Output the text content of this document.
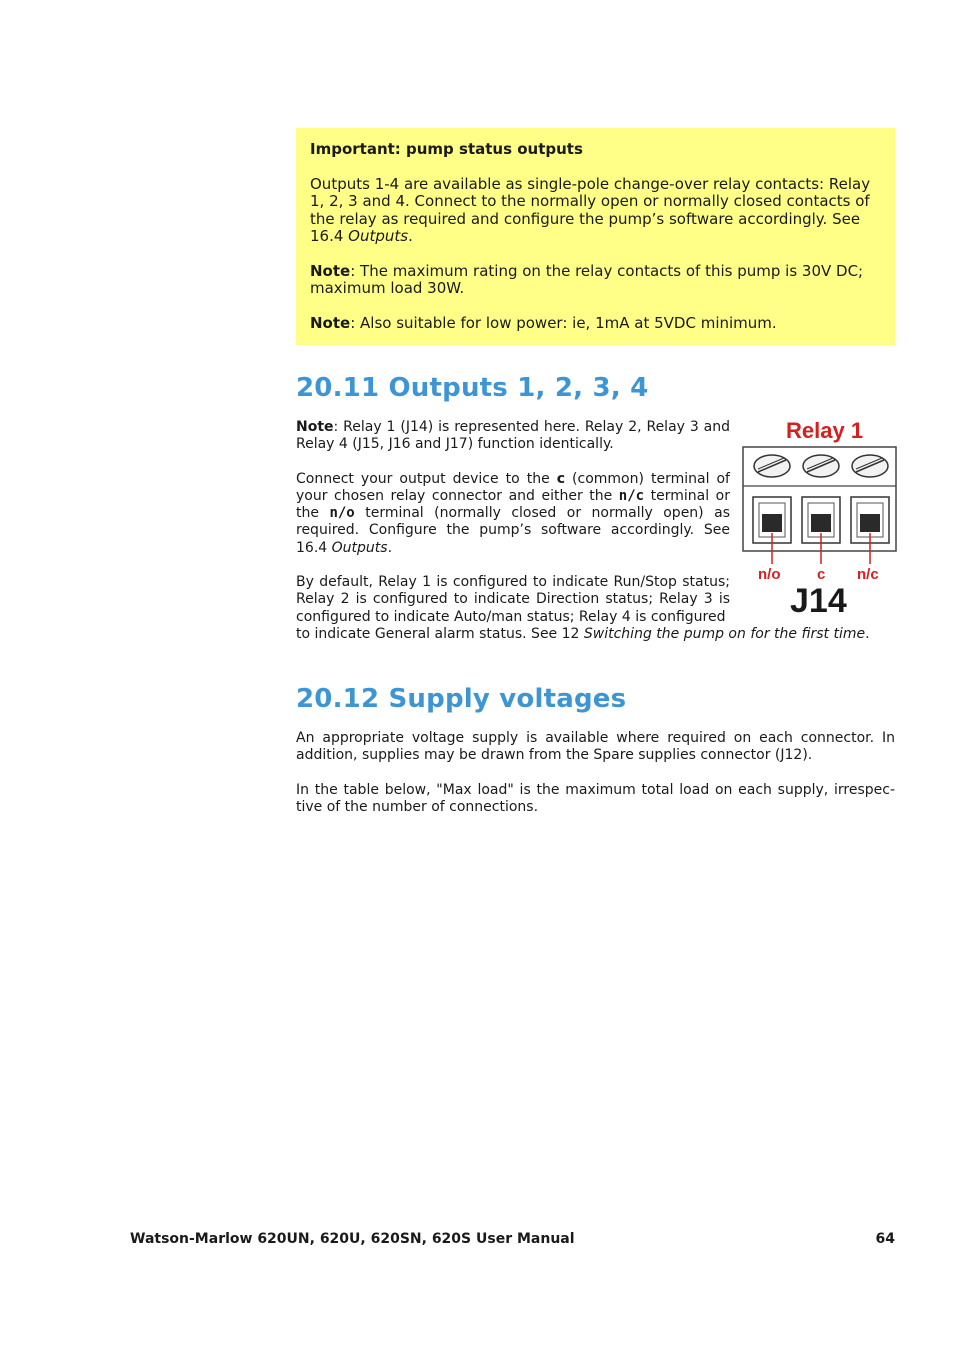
Important: pump status outputs

Outputs 1-4 are available as single-pole change-over relay contacts: Relay 1, 2, 3 and 4. Connect to the normally open or normally closed contacts of the relay as required and configure the pump’s software accordingly. See 16.4 Outputs.

Note: The maximum rating on the relay contacts of this pump is 30V DC; maximum load 30W.

Note: Also suitable for low power: ie, 1mA at 5VDC minimum.

20.11 Outputs 1, 2, 3, 4

Note: Relay 1 (J14) is represented here. Relay 2, Relay 3 and Relay 4 (J15, J16 and J17) function identically.

Connect your output device to the c (common) terminal of your chosen relay connector and either the n/c terminal or the n/o terminal (normally closed or normally open) as required. Configure the pump’s software accordingly. See 16.4 Outputs.

By default, Relay 1 is configured to indicate Run/Stop status; Relay 2 is configured to indicate Direction status; Relay 3 is configured to indicate Auto/man status; Relay 4 is configured

to indicate General alarm status. See 12 Switching the pump on for the first time.

Relay 1
n/o c n/c
J14
20.12 Supply voltages

An appropriate voltage supply is available where required on each connector. In addition, supplies may be drawn from the Spare supplies connector (J12).

In the table below, "Max load" is the maximum total load on each supply, irrespec-tive of the number of connections.

Watson-Marlow 620UN, 620U, 620SN, 620S User Manual	64
